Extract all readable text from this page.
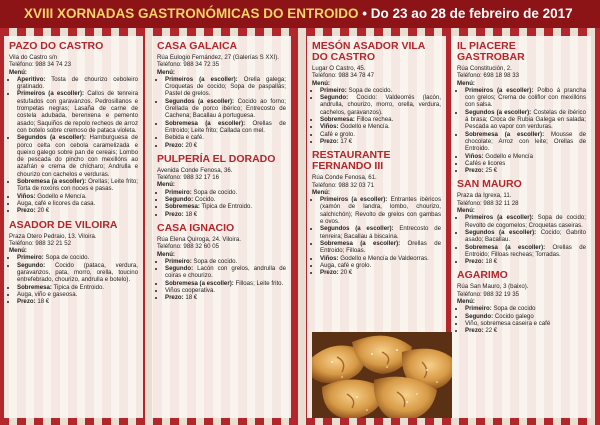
XVIII XORNADAS GASTRONÓMICAS DO ENTROIDO • Do 23 ao 28 de febreiro de 2017
PAZO DO CASTRO
Vila do Castro s/n
Teléfono: 988 34 74 23
Menú:
• Aperitivo: Tosta de chourizo ceboleiro gratinado.
• Primeiros (a escoller): Callos de tenreira estufados con garavanzos. Pedrosillanos e trompetas negras; Lasaña de carne de costela adubada, berenxena e pemento asado; Saquiños de repolo recheos de arroz con botelo sobre cremoso de pataca violeta.
• Segundos (a escoller): Hamburguesa de porco celta con cebola caramelizada e queixo galego sobre pan de cereais; Lombo de pescada do pincho con mexillóns ao azafrán e crema de chícharo; Andrulla e chourizo con cachelos e verduras.
• Sobremesa (a escoller): Orellas; Leite frito; Torta de roxóns con noces e pasas.
• Viños: Godello e Mencía.
• Auga, café e licores da casa.
• Prezo: 20 €
ASADOR DE VILOIRA
Praza Otero Pedraio, 13. Viloira.
Teléfono: 988 32 21 52
Menú:
• Primeiro: Sopa de cocido.
• Segundo: Cocido (pataca, verdura, garavanzos, pata, morro, orella, toucino entrefebrado, chourizo, andrulla e botelo).
• Sobremesa: Tipica de Entroido.
• Auga, viño e gaseosa.
• Prezo: 18 €
CASA GALAICA
Rúa Eulogio Fernández, 27 (Galerías S XXI).
Teléfono: 988 34 72 35
Menú:
• Primeiros (a escoller): Orella galega; Croquetas de cocido; Sopa de paspallás; Pastel de grelos.
• Segundos (a escoller): Cocido ao forno; Grellada de porco ibérico; Entrecosto de Cachena; Bacallau á portuguesa.
• Sobremesa (a escoller): Orellas de Entroido; Leite frito; Callada con mel.
• Bebida e café.
• Prezo: 20 €
PULPERÍA EL DORADO
Avenida Conde Fenosa, 36.
Teléfono: 988 32 17 16
Menú:
• Primeiro: Sopa de cocido.
• Segundo: Cocido.
• Sobremesa: Tipica de Entroido.
• Prezo: 18 €
CASA IGNACIO
Rúa Elena Quiroga, 24. Viloira.
Teléfono: 988 32 60 05
Menú:
• Primeiro: Sopa de cocido.
• Segundo: Lacón con grelos, andrulla de coiras e chourizo.
• Sobremesa (a escoller): Filloas; Leite frito.
• Viños cooperativa.
• Prezo: 18 €
MESÓN ASADOR VILA DO CASTRO
Lugar O Castro, 45.
Teléfono: 988 34 78 47
Menú:
• Primeiro: Sopa de cocido.
• Segundo: Cocido: Valdeorrés (lacón, andrulla, chourizo, morro, orella, verdura, cachelos, garavanzos).
• Sobremesa: Filloa rechea.
• Viños: Godello e Mencía.
• Café e grolo.
• Prezo: 17 €
RESTAURANTE FERNANDO III
Rúa Conde Fenosa, 61.
Teléfono: 988 32 03 71
Menú:
• Primeiros (a escoller): Entrantes ibéricos (xamón de landra, lombo, chourizo, salchichón); Revolto de grelos con gambas e ovos.
• Segundos (a escoller): Entrecosto de tenreira; Bacallau á biscaína.
• Sobremesa (a escoller): Orellas de Entroido; Filloas.
• Viños: Godello e Mencía de Valdeorras.
• Auga, café e grolo.
• Prezo: 20 €
IL PIACERE GASTROBAR
Rúa Constitución, 2.
Teléfono: 698 18 98 33
Menú:
• Primeiros (a escoller): Polbo á prancha con grelos; Crema de coliflor con mexillóns con salsa.
• Segundos (a escoller): Costelas de ibérico á brasa; Croca de Rubia Galega en salada; Pescada ao vapor con verduras.
• Sobremesa (a escoller): Mousse de chocolate; Arroz con leite; Orellas de Entroido.
• Viños: Godello e Mencía
• Cafés e licores
• Prezo: 25 €
SAN MAURO
Praza da Igrexa, 11.
Teléfono: 988 32 11 28
Menú:
• Primeiros (a escoller): Sopa de cocido; Revolto de cogomelos; Croquetas caseiras.
• Segundos (a escoller): Cocido; Gabrito asado; Bacallau.
• Sobremesa (a escoller): Orellas de Entroido; Filloas recheas; Torradas.
• Prezo: 18 €
AGARIMO
Rúa San Mauro, 3 (baixo).
Teléfono: 988 32 19 35
Menú:
• Primeiro: Sopa de cocido
• Segundo: Cocido galego
• Viño, sobremesa caseira e café
• Prezo: 22 €
